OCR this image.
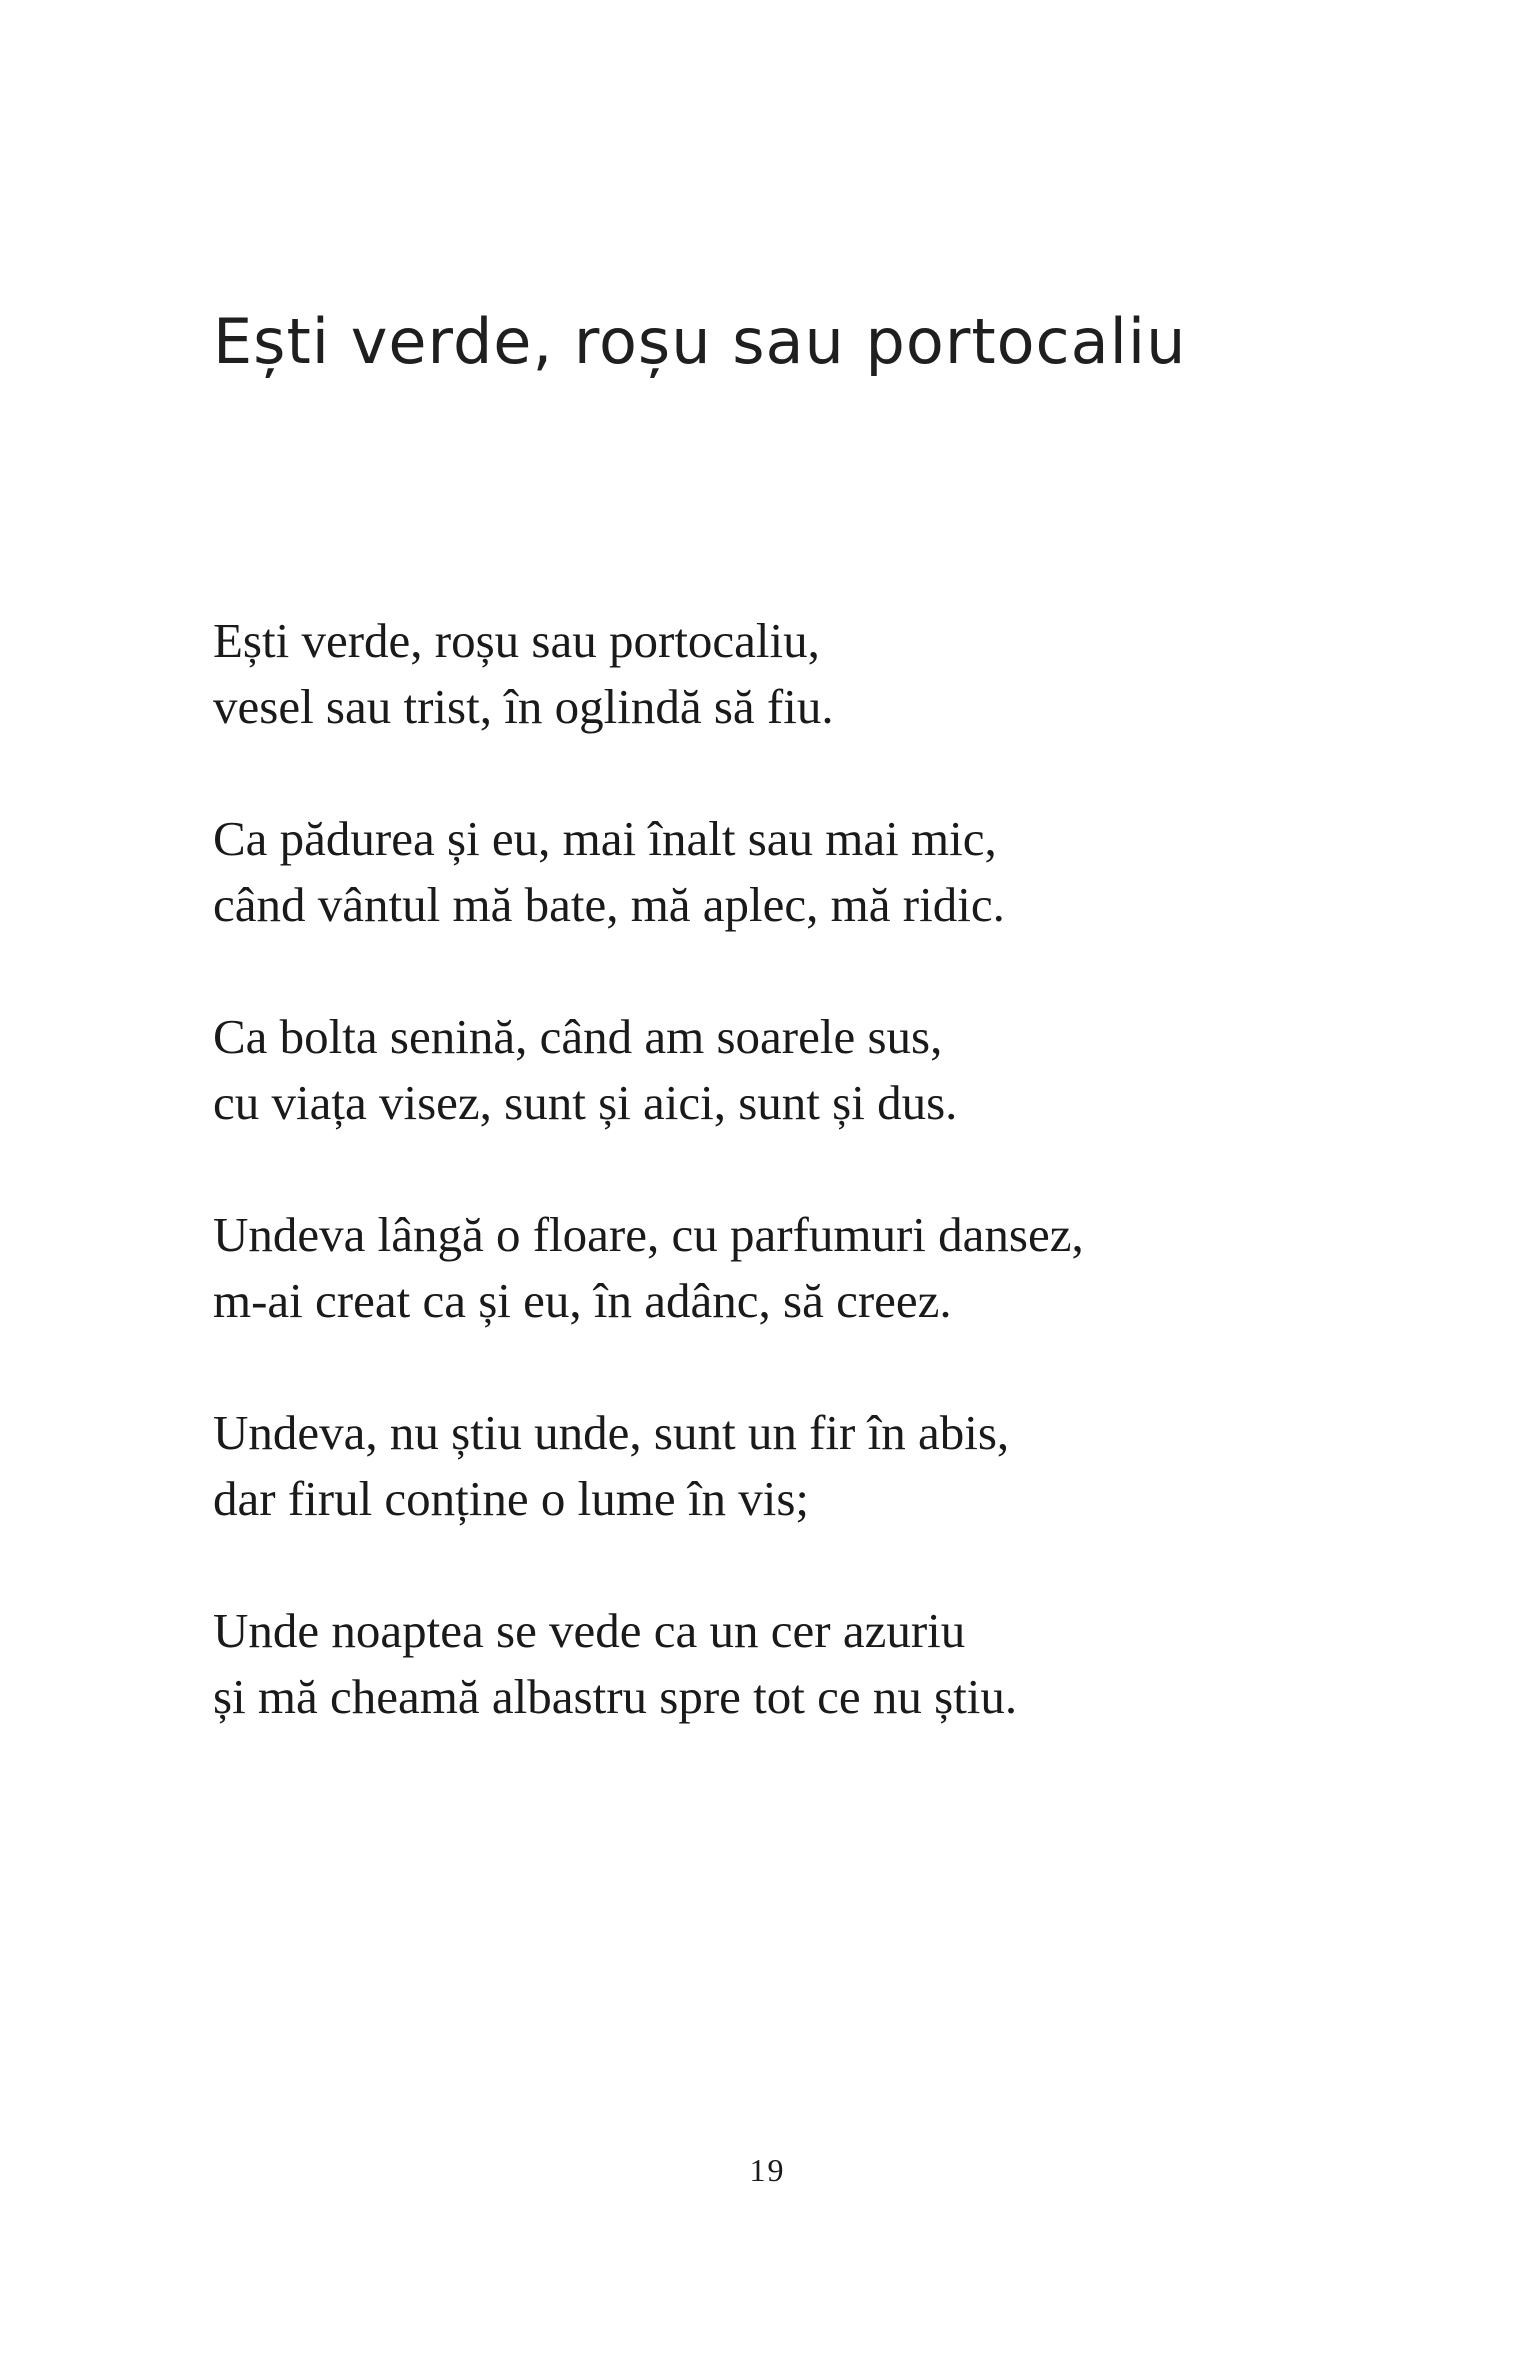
Ești verde, roșu sau portocaliu
Ești verde, roșu sau portocaliu,
vesel sau trist, în oglindă să fiu.
Ca pădurea și eu, mai înalt sau mai mic,
când vântul mă bate, mă aplec, mă ridic.
Ca bolta senină, când am soarele sus,
cu viața visez, sunt și aici, sunt și dus.
Undeva lângă o floare, cu parfumuri dansez,
m-ai creat ca și eu, în adânc, să creez.
Undeva, nu știu unde, sunt un fir în abis,
dar firul conține o lume în vis;
Unde noaptea se vede ca un cer azuriu
și mă cheamă albastru spre tot ce nu știu.
19
